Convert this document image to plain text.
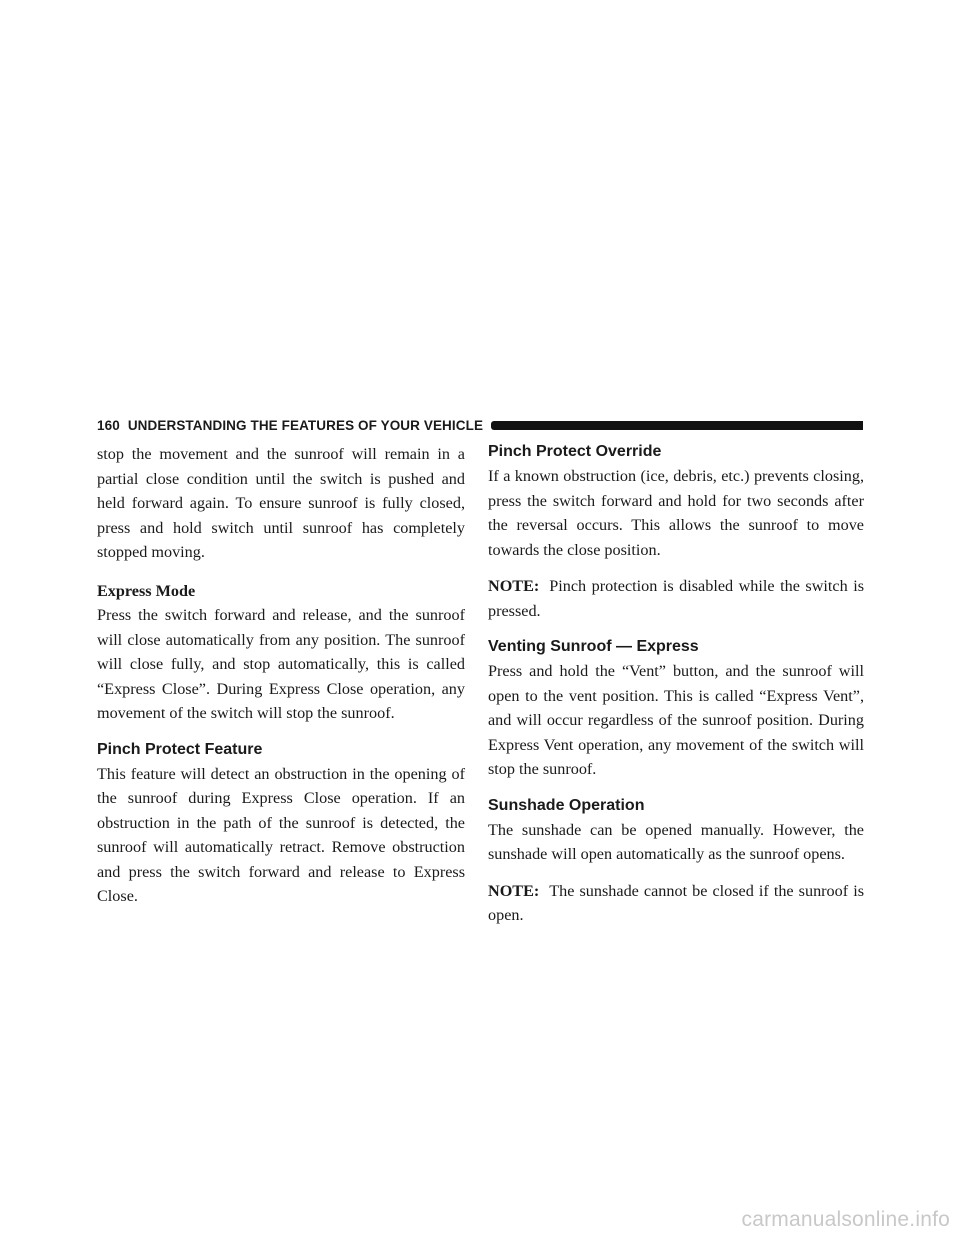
160 UNDERSTANDING THE FEATURES OF YOUR VEHICLE

stop the movement and the sunroof will remain in a partial close condition until the switch is pushed and held forward again. To ensure sunroof is fully closed, press and hold switch until sunroof has completely stopped moving.

Express Mode

Press the switch forward and release, and the sunroof will close automatically from any position. The sunroof will close fully, and stop automatically, this is called “Express Close”. During Express Close operation, any movement of the switch will stop the sunroof.

Pinch Protect Feature

This feature will detect an obstruction in the opening of the sunroof during Express Close operation. If an obstruction in the path of the sunroof is detected, the sunroof will automatically retract. Remove obstruction and press the switch forward and release to Express Close.

Pinch Protect Override

If a known obstruction (ice, debris, etc.) prevents closing, press the switch forward and hold for two seconds after the reversal occurs. This allows the sunroof to move towards the close position.

NOTE: Pinch protection is disabled while the switch is pressed.

Venting Sunroof — Express

Press and hold the “Vent” button, and the sunroof will open to the vent position. This is called “Express Vent”, and will occur regardless of the sunroof position. During Express Vent operation, any movement of the switch will stop the sunroof.

Sunshade Operation

The sunshade can be opened manually. However, the sunshade will open automatically as the sunroof opens.

NOTE: The sunshade cannot be closed if the sunroof is open.

carmanualsonline.info
